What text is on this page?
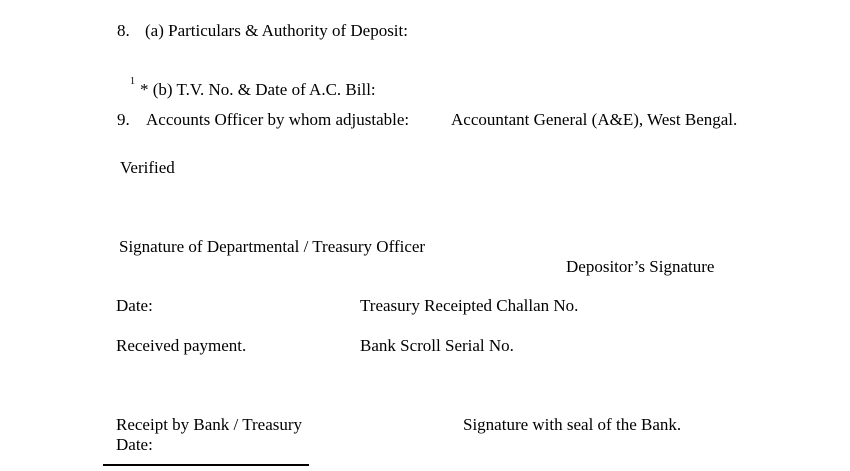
8. (a) Particulars & Authority of Deposit:
1 * (b) T.V. No. & Date of A.C. Bill:
9. Accounts Officer by whom adjustable: Accountant General (A&E), West Bengal.
Verified
Signature of Departmental / Treasury Officer
Depositor’s Signature
Date:	Treasury Receipted Challan No.
Received payment.	Bank Scroll Serial No.
Receipt by Bank / Treasury	Signature with seal of the Bank.
Date:
